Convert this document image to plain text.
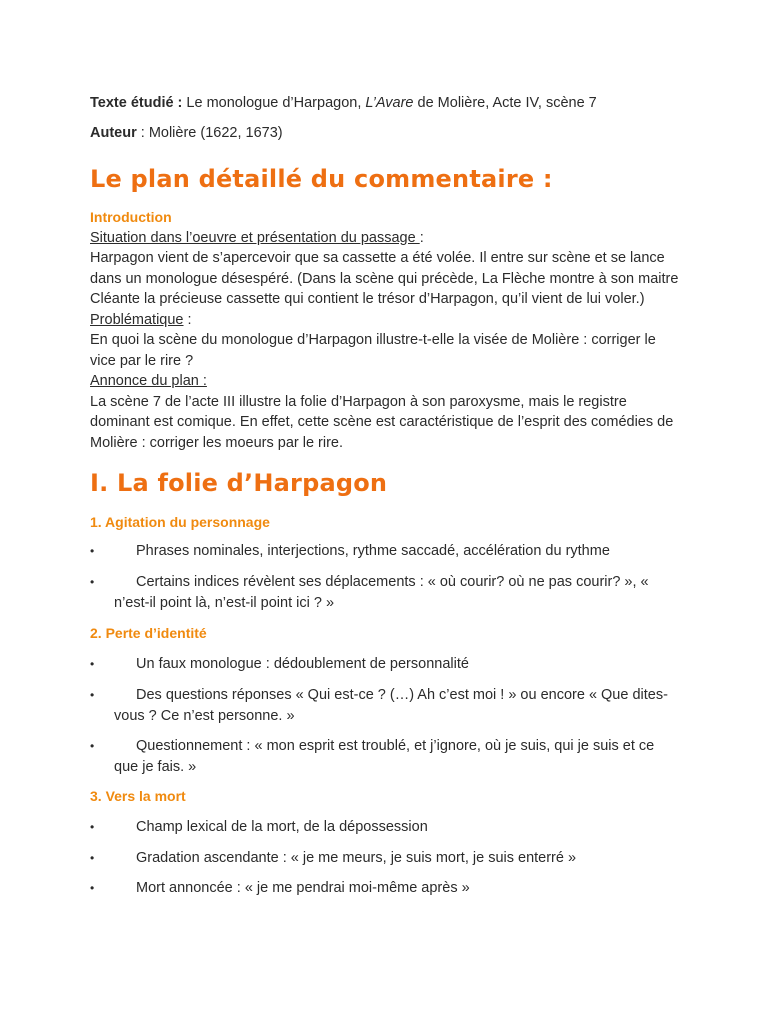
Texte étudié : Le monologue d’Harpagon, L’Avare de Molière, Acte IV, scène 7

Auteur : Molière (1622, 1673)

Le plan détaillé du commentaire :
Introduction
Situation dans l’oeuvre et présentation du passage :
Harpagon vient de s’apercevoir que sa cassette a été volée. Il entre sur scène et se lance dans un monologue désespéré. (Dans la scène qui précède, La Flèche montre à son maitre Cléante la précieuse cassette qui contient le trésor d’Harpagon, qu’il vient de lui voler.)
Problématique :
En quoi la scène du monologue d’Harpagon illustre-t-elle la visée de Molière : corriger le vice par le rire ?
Annonce du plan :
La scène 7 de l’acte III illustre la folie d’Harpagon à son paroxysme, mais le registre dominant est comique. En effet, cette scène est caractéristique de l’esprit des comédies de Molière : corriger les moeurs par le rire.
I. La folie d’Harpagon
1. Agitation du personnage
•	Phrases nominales, interjections, rythme saccadé, accélération du rythme
•	Certains indices révèlent ses déplacements : « où courir? où ne pas courir? », « n’est-il point là, n’est-il point ici ? »
2. Perte d’identité
•	Un faux monologue : dédoublement de personnalité
•	Des questions réponses « Qui est-ce ? (…) Ah c’est moi ! » ou encore « Que dites-vous ? Ce n’est personne. »
•	Questionnement : « mon esprit est troublé, et j’ignore, où je suis, qui je suis et ce que je fais. »
3. Vers la mort
•	Champ lexical de la mort, de la dépossession
•	Gradation ascendante : « je me meurs, je suis mort, je suis enterré »
•	Mort annoncée : « je me pendrai moi-même après »
